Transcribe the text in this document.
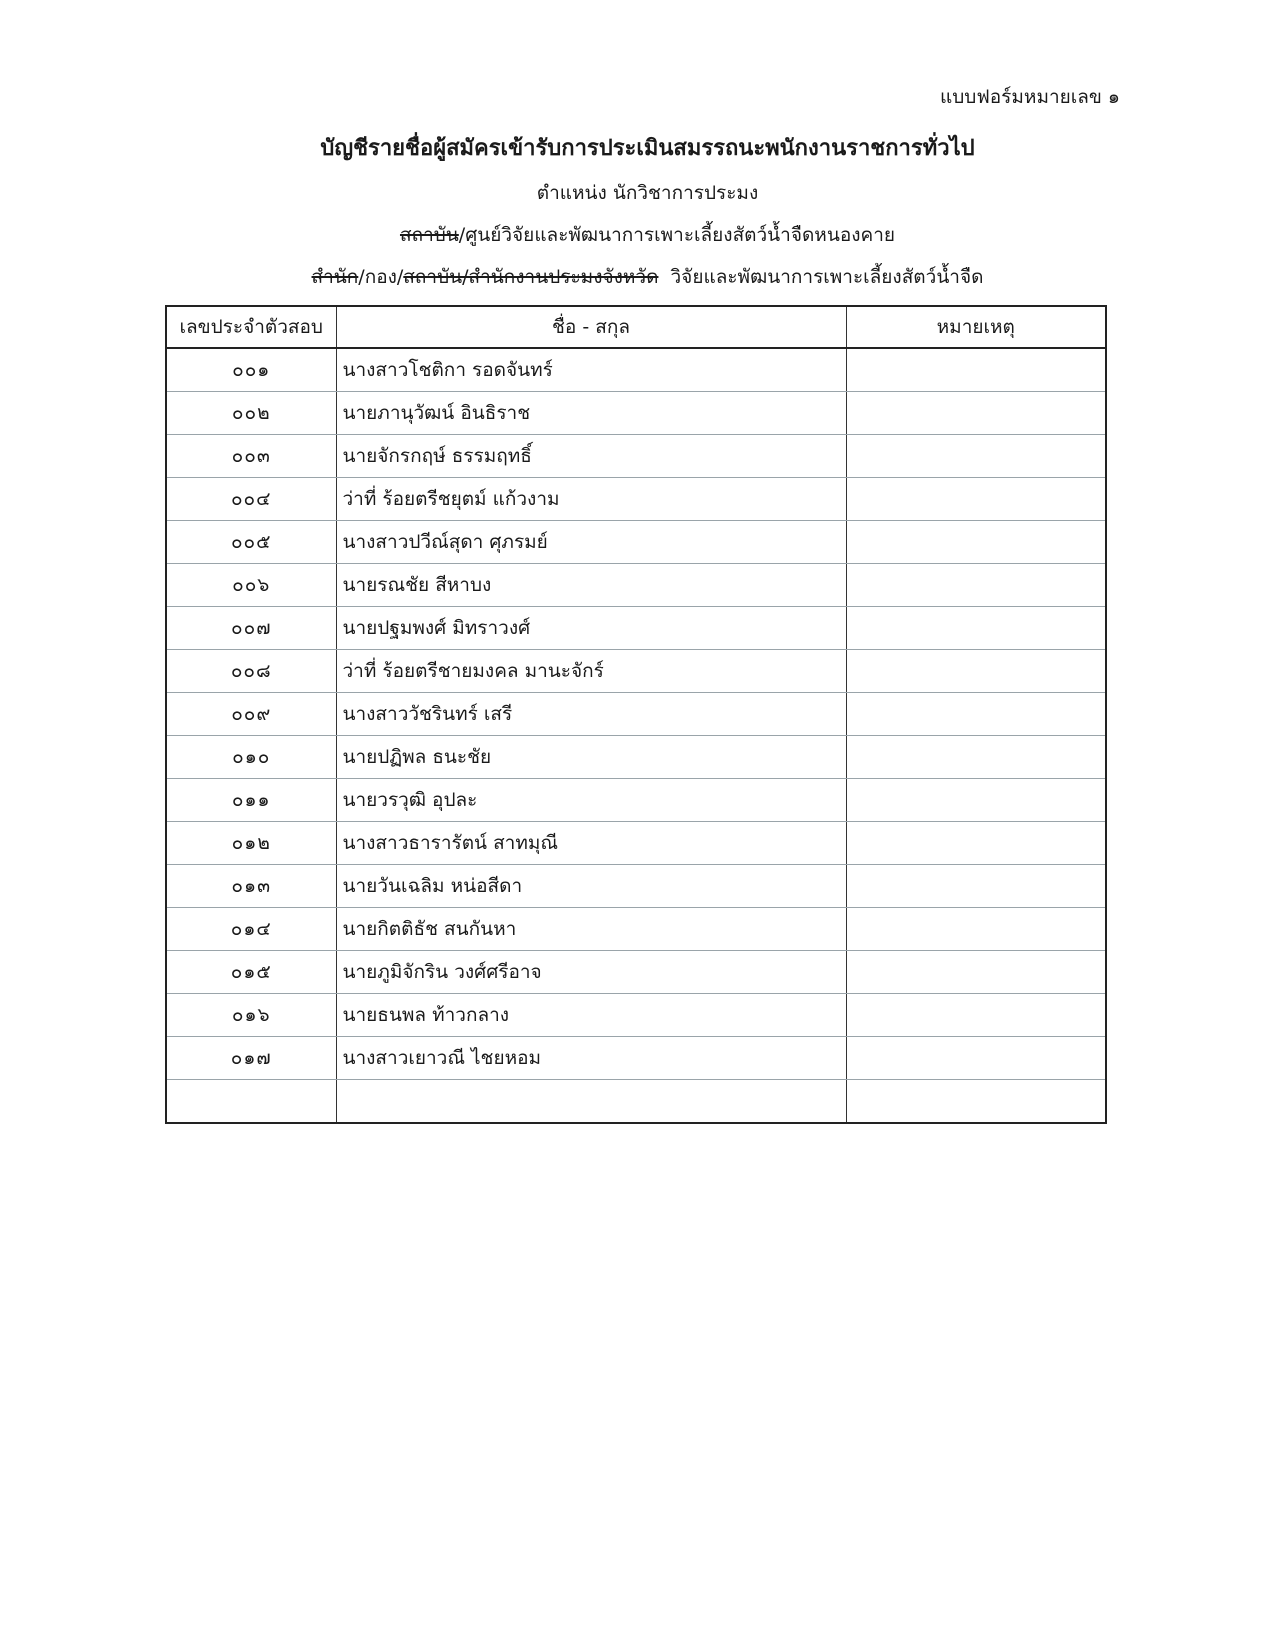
แบบฟอร์มหมายเลข ๑
บัญชีรายชื่อผู้สมัครเข้ารับการประเมินสมรรถนะพนักงานราชการทั่วไป
ตำแหน่ง นักวิชาการประมง
สถาบัน/ศูนย์วิจัยและพัฒนาการเพาะเลี้ยงสัตว์น้ำจืดหนองคาย
สำนัก/กอง/สถาบัน/สำนักงานประมงจังหวัด  วิจัยและพัฒนาการเพาะเลี้ยงสัตว์น้ำจืด
เลขประจำตัวสอบ	ชื่อ - สกุล	หมายเหตุ
๐๐๑	นางสาวโชติกา รอดจันทร์	
๐๐๒	นายภานุวัฒน์ อินธิราช	
๐๐๓	นายจักรกฤษ์ ธรรมฤทธิ์	
๐๐๔	ว่าที่ ร้อยตรีชยุตม์ แก้วงาม	
๐๐๕	นางสาวปวีณ์สุดา ศุภรมย์	
๐๐๖	นายรณชัย สีหาบง	
๐๐๗	นายปฐมพงศ์ มิทราวงศ์	
๐๐๘	ว่าที่ ร้อยตรีชายมงคล มานะจักร์	
๐๐๙	นางสาววัชรินทร์ เสรี	
๐๑๐	นายปฏิพล ธนะชัย	
๐๑๑	นายวรวุฒิ อุปละ	
๐๑๒	นางสาวธารารัตน์ สาทมุณี	
๐๑๓	นายวันเฉลิม หน่อสีดา	
๐๑๔	นายกิตติธัช สนกันหา	
๐๑๕	นายภูมิจักริน วงศ์ศรีอาจ	
๐๑๖	นายธนพล ท้าวกลาง	
๐๑๗	นางสาวเยาวณี ไชยหอม	
